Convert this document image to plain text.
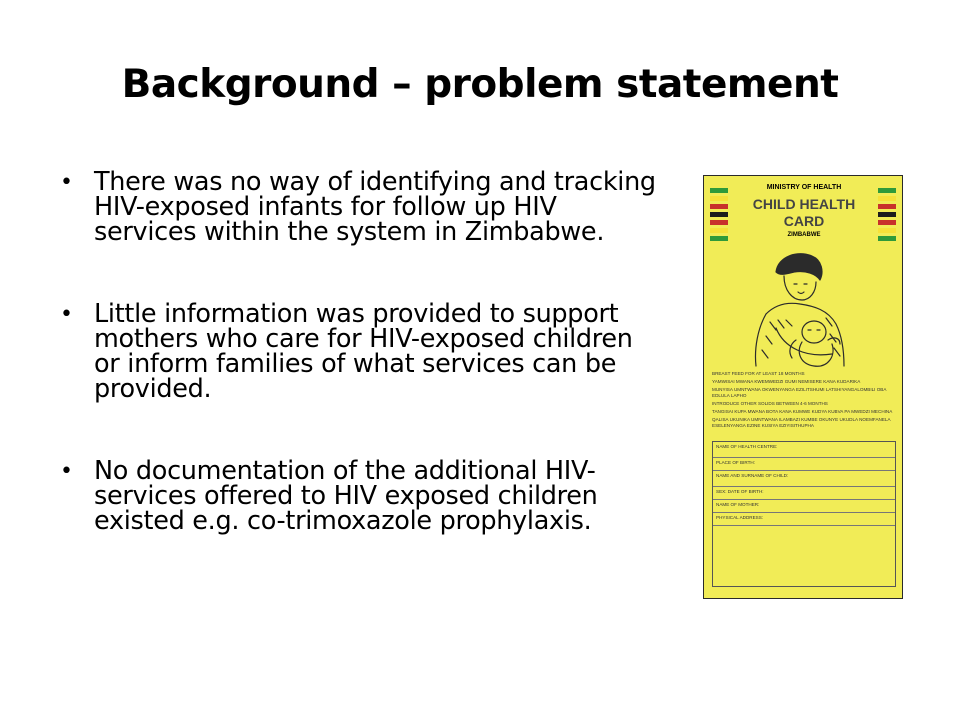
Background – problem statement
• There was no way of identifying and tracking HIV-exposed infants for follow up HIV services within the system in Zimbabwe.
• Little information was provided to support mothers who care for HIV-exposed children or inform families of what services can be provided.
• No documentation of the additional HIV-services offered to HIV exposed children existed e.g. co-trimoxazole prophylaxis.
MINISTRY OF HEALTH
CHILD HEALTH
CARD
ZIMBABWE
BREAST FEED FOR AT LEAST 18 MONTHS
YAMWISAI MWANA KWEMWEDZI GUMI NEMISERE KANA KUDARIKA
MUNYISA UMNTWANA OKWENYANGA EZILITSHUMI LATSHIYANGALOMBILI OBA EDLULA LAPHO
INTRODUCE OTHER SOLIDS BETWEEN 4-6 MONTHS
TANGISAI KUPA MWANA BOTA KANA KUMWE KUDYA KUBVA PA MWEDZI MECHINA
QALISA UKUNIKA UMNTWANA ILAMBAZI KUMBE OKUNYE UKUDLA NOEMFANELA ESELENYANGA EZINE KUSIYA EZIYISITHUPHA
NAME OF HEALTH CENTRE:
PLACE OF BIRTH:
NAME AND SURNAME OF CHILD:
SEX: DATE OF BIRTH:
NAME OF MOTHER:
PHYSICAL ADDRESS:
